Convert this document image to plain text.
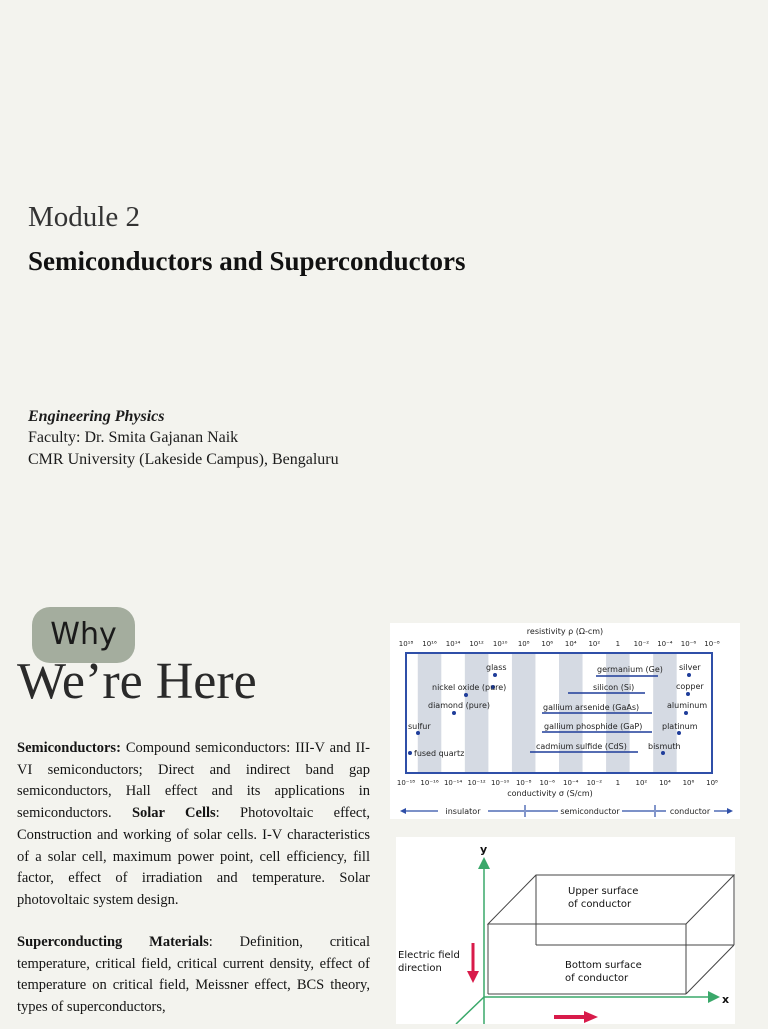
Module 2
Semiconductors and Superconductors
Engineering Physics
Faculty: Dr. Smita Gajanan Naik
CMR University (Lakeside Campus), Bengaluru
Why
We’re Here
Semiconductors: Compound semiconductors: III-V and II-VI semiconductors; Direct and indirect band gap semiconductors, Hall effect and its applications in semiconductors. Solar Cells: Photovoltaic effect, Construction and working of solar cells. I-V characteristics of a solar cell, maximum power point, cell efficiency, fill factor, effect of irradiation and temperature. Solar photovoltaic system design.
Superconducting Materials: Definition, critical temperature, critical field, critical current density, effect of temperature on critical field, Meissner effect, BCS theory, types of superconductors,
resistivity ρ (Ω-cm)
10¹⁸ 10¹⁶ 10¹⁴ 10¹² 10¹⁰ 10⁸ 10⁶ 10⁴ 10² 1 10⁻² 10⁻⁴ 10⁻⁶ 10⁻⁸
10⁻¹⁸ 10⁻¹⁶ 10⁻¹⁴ 10⁻¹² 10⁻¹⁰ 10⁻⁸ 10⁻⁶ 10⁻⁴ 10⁻² 1 10² 10⁴ 10⁶ 10⁸
conductivity σ (S/cm)
glass
nickel oxide (pure)
diamond (pure)
sulfur
fused quartz
germanium (Ge)
silicon (Si)
gallium arsenide (GaAs)
gallium phosphide (GaP)
cadmium sulfide (CdS)
silver
copper
aluminum
platinum
bismuth
insulator	semiconductor	conductor
y
x
Upper surface
of conductor
Bottom surface
of conductor
Electric field
direction
